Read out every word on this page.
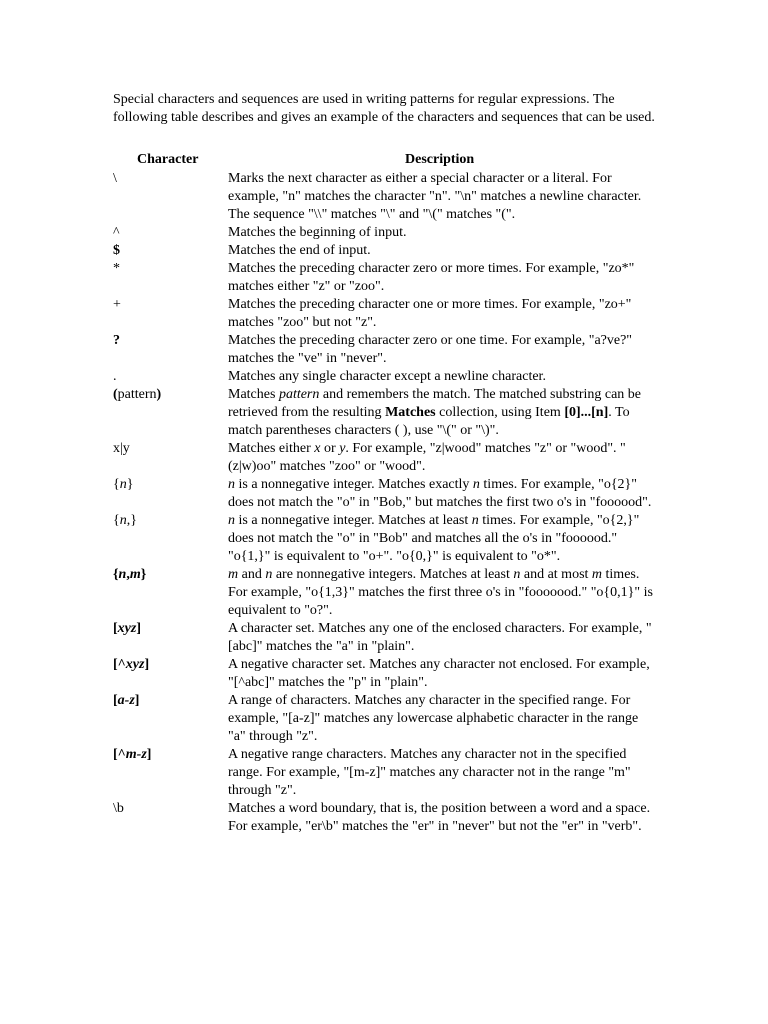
Special characters and sequences are used in writing patterns for regular expressions. The following table describes and gives an example of the characters and sequences that can be used.

Character	Description
\	Marks the next character as either a special character or a literal. For example, "n" matches the character "n". "\n" matches a newline character. The sequence "\\" matches "\" and "\(" matches "(".
^	Matches the beginning of input.
$	Matches the end of input.
*	Matches the preceding character zero or more times. For example, "zo*" matches either "z" or "zoo".
+	Matches the preceding character one or more times. For example, "zo+" matches "zoo" but not "z".
?	Matches the preceding character zero or one time. For example, "a?ve?" matches the "ve" in "never".
.	Matches any single character except a newline character.
(pattern)	Matches pattern and remembers the match. The matched substring can be retrieved from the resulting Matches collection, using Item [0]...[n]. To match parentheses characters ( ), use "\(" or "\)".
x|y	Matches either x or y. For example, "z|wood" matches "z" or "wood". "(z|w)oo" matches "zoo" or "wood".
{n}	n is a nonnegative integer. Matches exactly n times. For example, "o{2}" does not match the "o" in "Bob," but matches the first two o's in "foooood".
{n,}	n is a nonnegative integer. Matches at least n times. For example, "o{2,}" does not match the "o" in "Bob" and matches all the o's in "foooood." "o{1,}" is equivalent to "o+". "o{0,}" is equivalent to "o*".
{n,m}	m and n are nonnegative integers. Matches at least n and at most m times. For example, "o{1,3}" matches the first three o's in "fooooood." "o{0,1}" is equivalent to "o?".
[xyz]	A character set. Matches any one of the enclosed characters. For example, "[abc]" matches the "a" in "plain".
[^xyz]	A negative character set. Matches any character not enclosed. For example, "[^abc]" matches the "p" in "plain".
[a-z]	A range of characters. Matches any character in the specified range. For example, "[a-z]" matches any lowercase alphabetic character in the range "a" through "z".
[^m-z]	A negative range characters. Matches any character not in the specified range. For example, "[m-z]" matches any character not in the range "m" through "z".
\b	Matches a word boundary, that is, the position between a word and a space. For example, "er\b" matches the "er" in "never" but not the "er" in "verb".
